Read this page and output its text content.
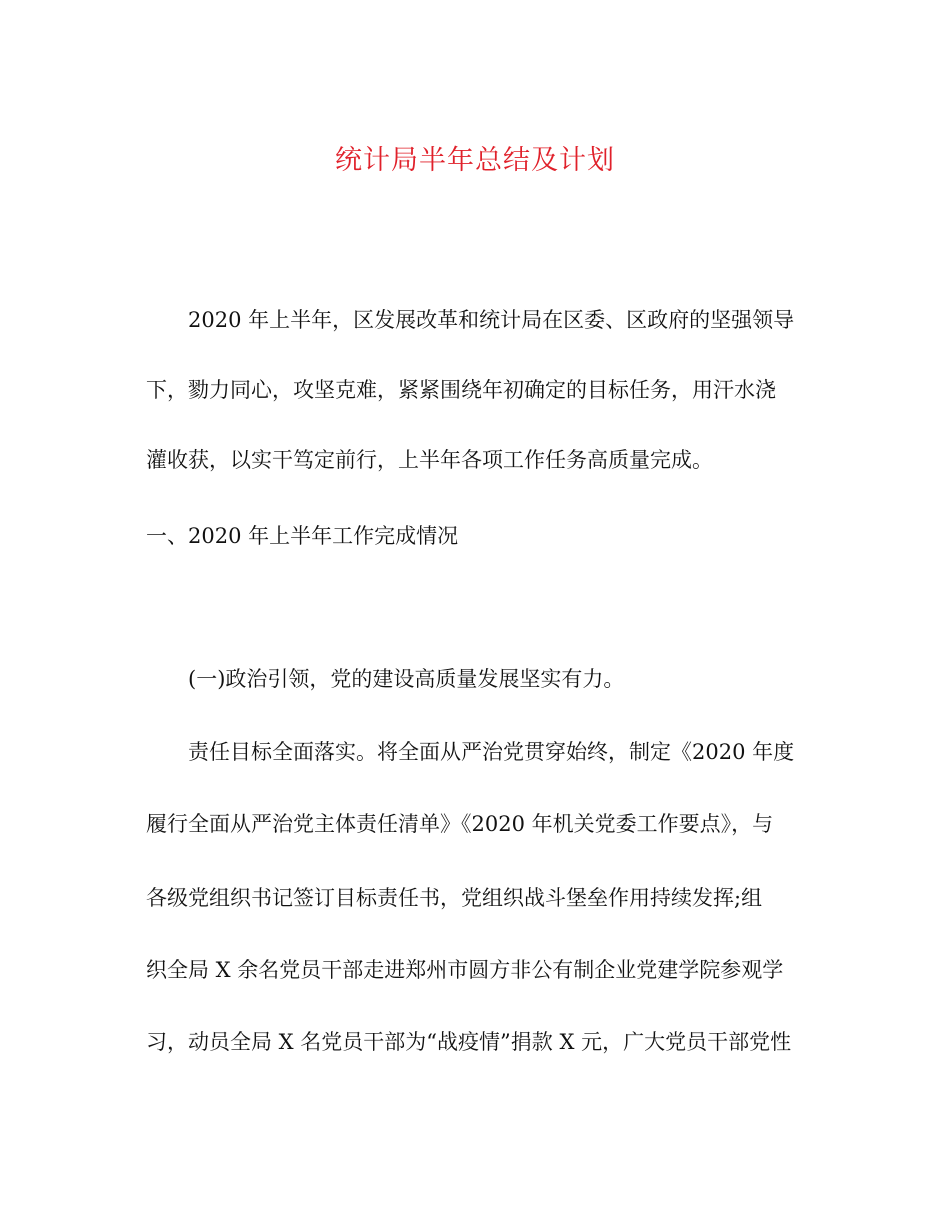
统计局半年总结及计划
2020 年上半年，区发展改革和统计局在区委、区政府的坚强领导
下，勠力同心，攻坚克难，紧紧围绕年初确定的目标任务，用汗水浇
灌收获，以实干笃定前行，上半年各项工作任务高质量完成。
一、2020 年上半年工作完成情况
(一)政治引领，党的建设高质量发展坚实有力。
责任目标全面落实。将全面从严治党贯穿始终，制定《2020 年度
履行全面从严治党主体责任清单》《2020 年机关党委工作要点》，与
各级党组织书记签订目标责任书，党组织战斗堡垒作用持续发挥;组
织全局 X 余名党员干部走进郑州市圆方非公有制企业党建学院参观学
习，动员全局 X 名党员干部为“战疫情”捐款 X 元，广大党员干部党性
